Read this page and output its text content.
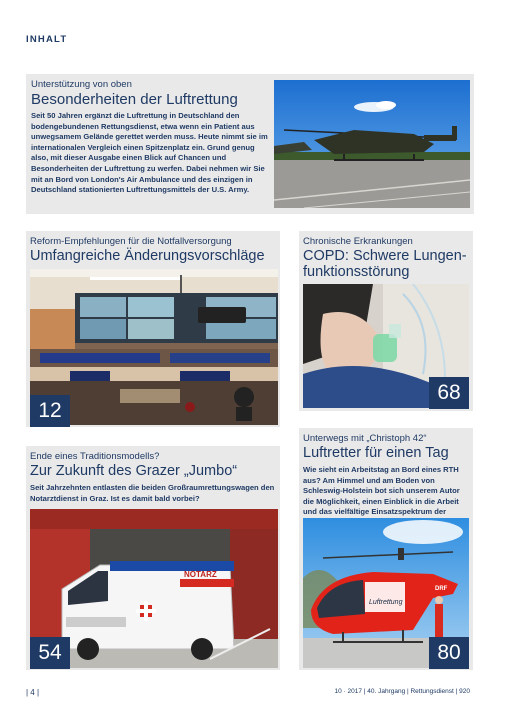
INHALT
Unterstützung von oben
Besonderheiten der Luftrettung
Seit 50 Jahren ergänzt die Luftrettung in Deutschland den bodengebundenen Rettungsdienst, etwa wenn ein Patient aus unwegsamem Gelände gerettet werden muss. Heute nimmt sie im internationalen Vergleich einen Spitzenplatz ein. Grund genug also, mit dieser Ausgabe einen Blick auf Chancen und Besonderheiten der Luftrettung zu werfen. Dabei nehmen wir Sie mit an Bord von London's Air Ambulance und des einzigen in Deutschland stationierten Luftrettungsmittels der U.S. Army.
Reform-Empfehlungen für die Notfallversorgung
Umfangreiche Änderungsvorschläge
12
Chronische Erkrankungen
COPD: Schwere Lungen-
funktionsstörung
68
Ende eines Traditionsmodells?
Zur Zukunft des Grazer „Jumbo“
Seit Jahrzehnten entlasten die beiden Großraumrettungswagen den Notarztdienst in Graz. Ist es damit bald vorbei?
NOTARZ
54
Unterwegs mit „Christoph 42“
Luftretter für einen Tag
Wie sieht ein Arbeitstag an Bord eines RTH aus? Am Himmel und am Boden von Schleswig-Holstein bot sich unserem Autor die Möglichkeit, einen Einblick in die Arbeit und das vielfältige Einsatzspektrum der
Luftrettung
DRF
80
| 4 |	10 · 2017 | 40. Jahrgang | Rettungsdienst | 920
